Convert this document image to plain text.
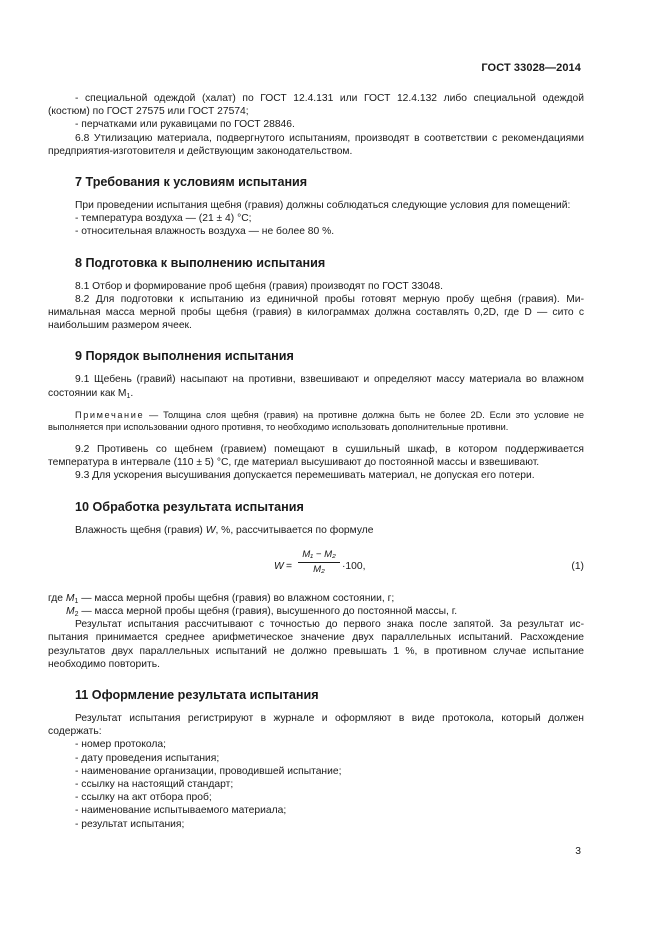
ГОСТ 33028—2014

- специальной одеждой (халат) по ГОСТ 12.4.131 или ГОСТ 12.4.132 либо специальной одеждой (костюм) по ГОСТ 27575 или ГОСТ 27574;

- перчатками или рукавицами по ГОСТ 28846.

6.8 Утилизацию материала, подвергнутого испытаниям, производят в соответствии с рекомендациями предприятия-изготовителя и действующим законодательством.

7 Требования к условиям испытания

При проведении испытания щебня (гравия) должны соблюдаться следующие условия для помещений:

- температура воздуха — (21 ± 4) °С;

- относительная влажность воздуха — не более 80 %.

8 Подготовка к выполнению испытания

8.1 Отбор и формирование проб щебня (гравия) производят по ГОСТ 33048.

8.2 Для подготовки к испытанию из единичной пробы готовят мерную пробу щебня (гравия). Минимальная масса мерной пробы щебня (гравия) в килограммах должна составлять 0,2D, где D — сито с наибольшим размером ячеек.

9 Порядок выполнения испытания

9.1 Щебень (гравий) насыпают на противни, взвешивают и определяют массу материала во влажном состоянии как $M_1$.

Примечание — Толщина слоя щебня (гравия) на противне должна быть не более 2D. Если это условие не выполняется при использовании одного противня, то необходимо использовать дополнительные противни.

9.2 Противень со щебнем (гравием) помещают в сушильный шкаф, в котором поддерживается температура в интервале (110 ± 5) °С, где материал высушивают до постоянной массы и взвешивают.

9.3 Для ускорения высушивания допускается перемешивать материал, не допуская его потери.

10 Обработка результата испытания

Влажность щебня (гравия) W, %, рассчитывается по формуле

W =
M₁ − M₂
M₂	·100,	(1)

где $M_1$ — масса мерной пробы щебня (гравия) во влажном состоянии, г;

$M_2$ — масса мерной пробы щебня (гравия), высушенного до постоянной массы, г.

Результат испытания рассчитывают с точностью до первого знака после запятой. За результат испытания принимается среднее арифметическое значение двух параллельных испытаний. Расхождение результатов двух параллельных испытаний не должно превышать 1 %, в противном случае испытание необходимо повторить.

11 Оформление результата испытания

Результат испытания регистрируют в журнале и оформляют в виде протокола, который должен содержать:

- номер протокола;

- дату проведения испытания;

- наименование организации, проводившей испытание;

- ссылку на настоящий стандарт;

- ссылку на акт отбора проб;

- наименование испытываемого материала;

- результат испытания;

3
